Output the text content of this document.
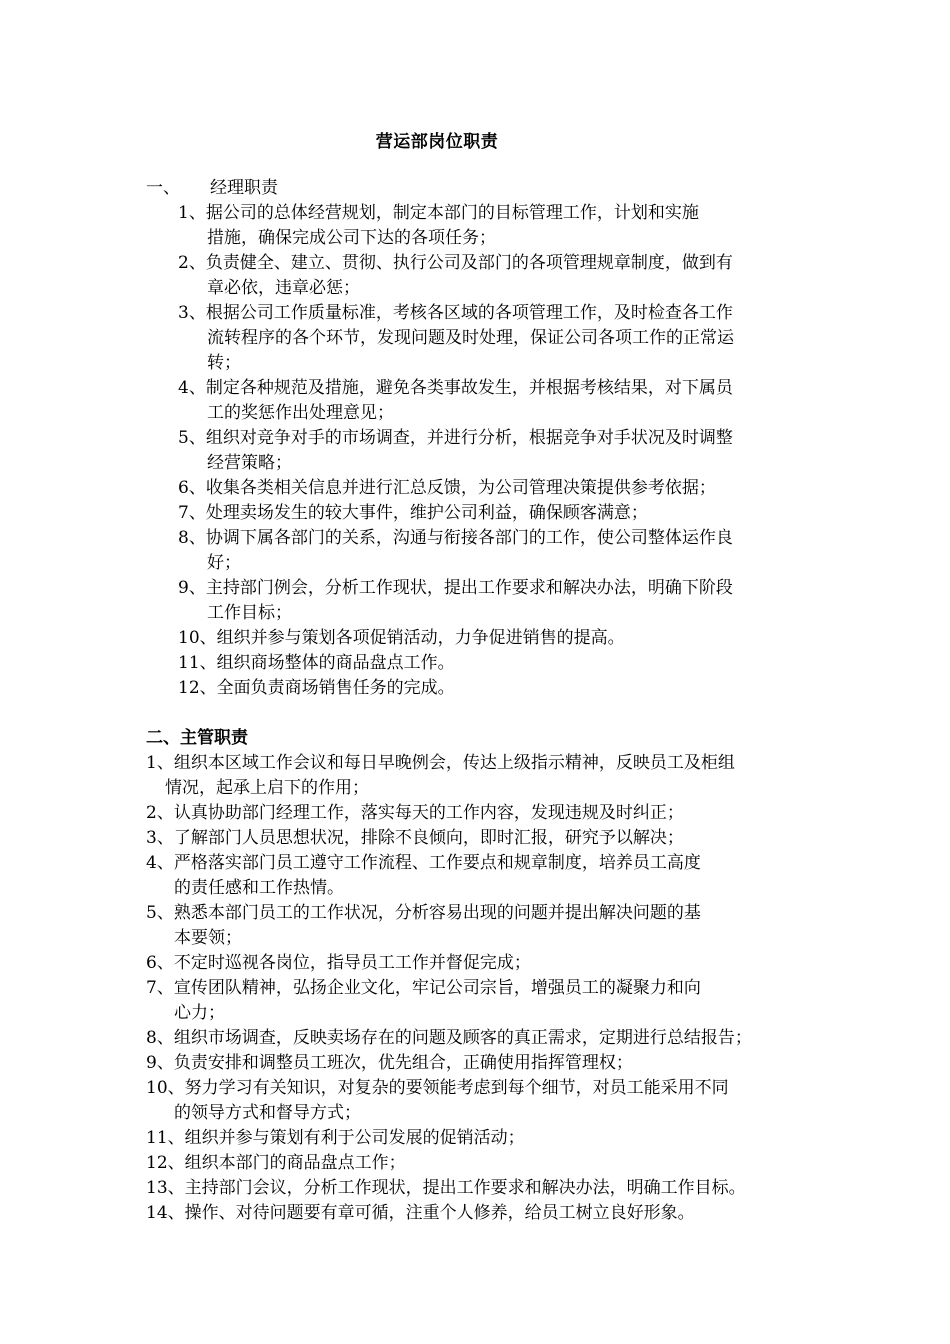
营运部岗位职责
一、 经理职责
1、据公司的总体经营规划，制定本部门的目标管理工作，计划和实施
措施，确保完成公司下达的各项任务；
2、负责健全、建立、贯彻、执行公司及部门的各项管理规章制度，做到有
章必依，违章必惩；
3、根据公司工作质量标准，考核各区域的各项管理工作，及时检查各工作
流转程序的各个环节，发现问题及时处理，保证公司各项工作的正常运
转；
4、制定各种规范及措施，避免各类事故发生，并根据考核结果，对下属员
工的奖惩作出处理意见；
5、组织对竞争对手的市场调查，并进行分析，根据竞争对手状况及时调整
经营策略；
6、收集各类相关信息并进行汇总反馈，为公司管理决策提供参考依据；
7、处理卖场发生的较大事件，维护公司利益，确保顾客满意；
8、协调下属各部门的关系，沟通与衔接各部门的工作，使公司整体运作良
好；
9、主持部门例会，分析工作现状，提出工作要求和解决办法，明确下阶段
工作目标；
10、组织并参与策划各项促销活动，力争促进销售的提高。
11、组织商场整体的商品盘点工作。
12、全面负责商场销售任务的完成。
二、主管职责
1、组织本区域工作会议和每日早晚例会，传达上级指示精神，反映员工及柜组
情况，起承上启下的作用；
2、认真协助部门经理工作，落实每天的工作内容，发现违规及时纠正；
3、了解部门人员思想状况，排除不良倾向，即时汇报，研究予以解决；
4、严格落实部门员工遵守工作流程、工作要点和规章制度，培养员工高度
的责任感和工作热情。
5、熟悉本部门员工的工作状况，分析容易出现的问题并提出解决问题的基
本要领；
6、不定时巡视各岗位，指导员工工作并督促完成；
7、宣传团队精神，弘扬企业文化，牢记公司宗旨，增强员工的凝聚力和向
心力；
8、组织市场调查，反映卖场存在的问题及顾客的真正需求，定期进行总结报告；
9、负责安排和调整员工班次，优先组合，正确使用指挥管理权；
10、努力学习有关知识，对复杂的要领能考虑到每个细节，对员工能采用不同
的领导方式和督导方式；
11、组织并参与策划有利于公司发展的促销活动；
12、组织本部门的商品盘点工作；
13、主持部门会议，分析工作现状，提出工作要求和解决办法，明确工作目标。
14、操作、对待问题要有章可循，注重个人修养，给员工树立良好形象。
